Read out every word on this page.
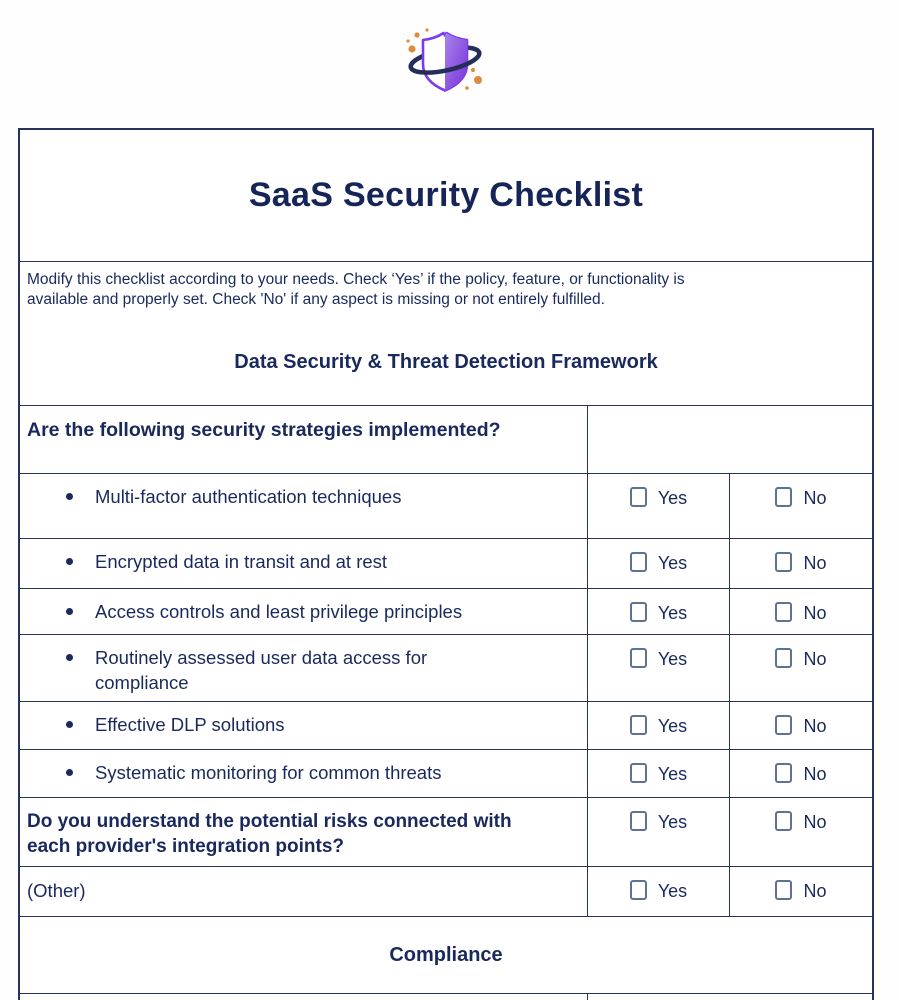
SaaS Security Checklist
Modify this checklist according to your needs. Check ‘Yes’ if the policy, feature, or functionality is
available and properly set. Check 'No' if any aspect is missing or not entirely fulfilled.
Data Security & Threat Detection Framework
Are the following security strategies implemented?
Multi-factor authentication techniques	Yes	No
Encrypted data in transit and at rest	Yes	No
Access controls and least privilege principles	Yes	No
Routinely assessed user data access for
compliance
Yes	No
Effective DLP solutions	Yes	No
Systematic monitoring for common threats	Yes	No
Do you understand the potential risks connected with
each provider's integration points?
Yes	No
(Other)	Yes	No
Compliance
